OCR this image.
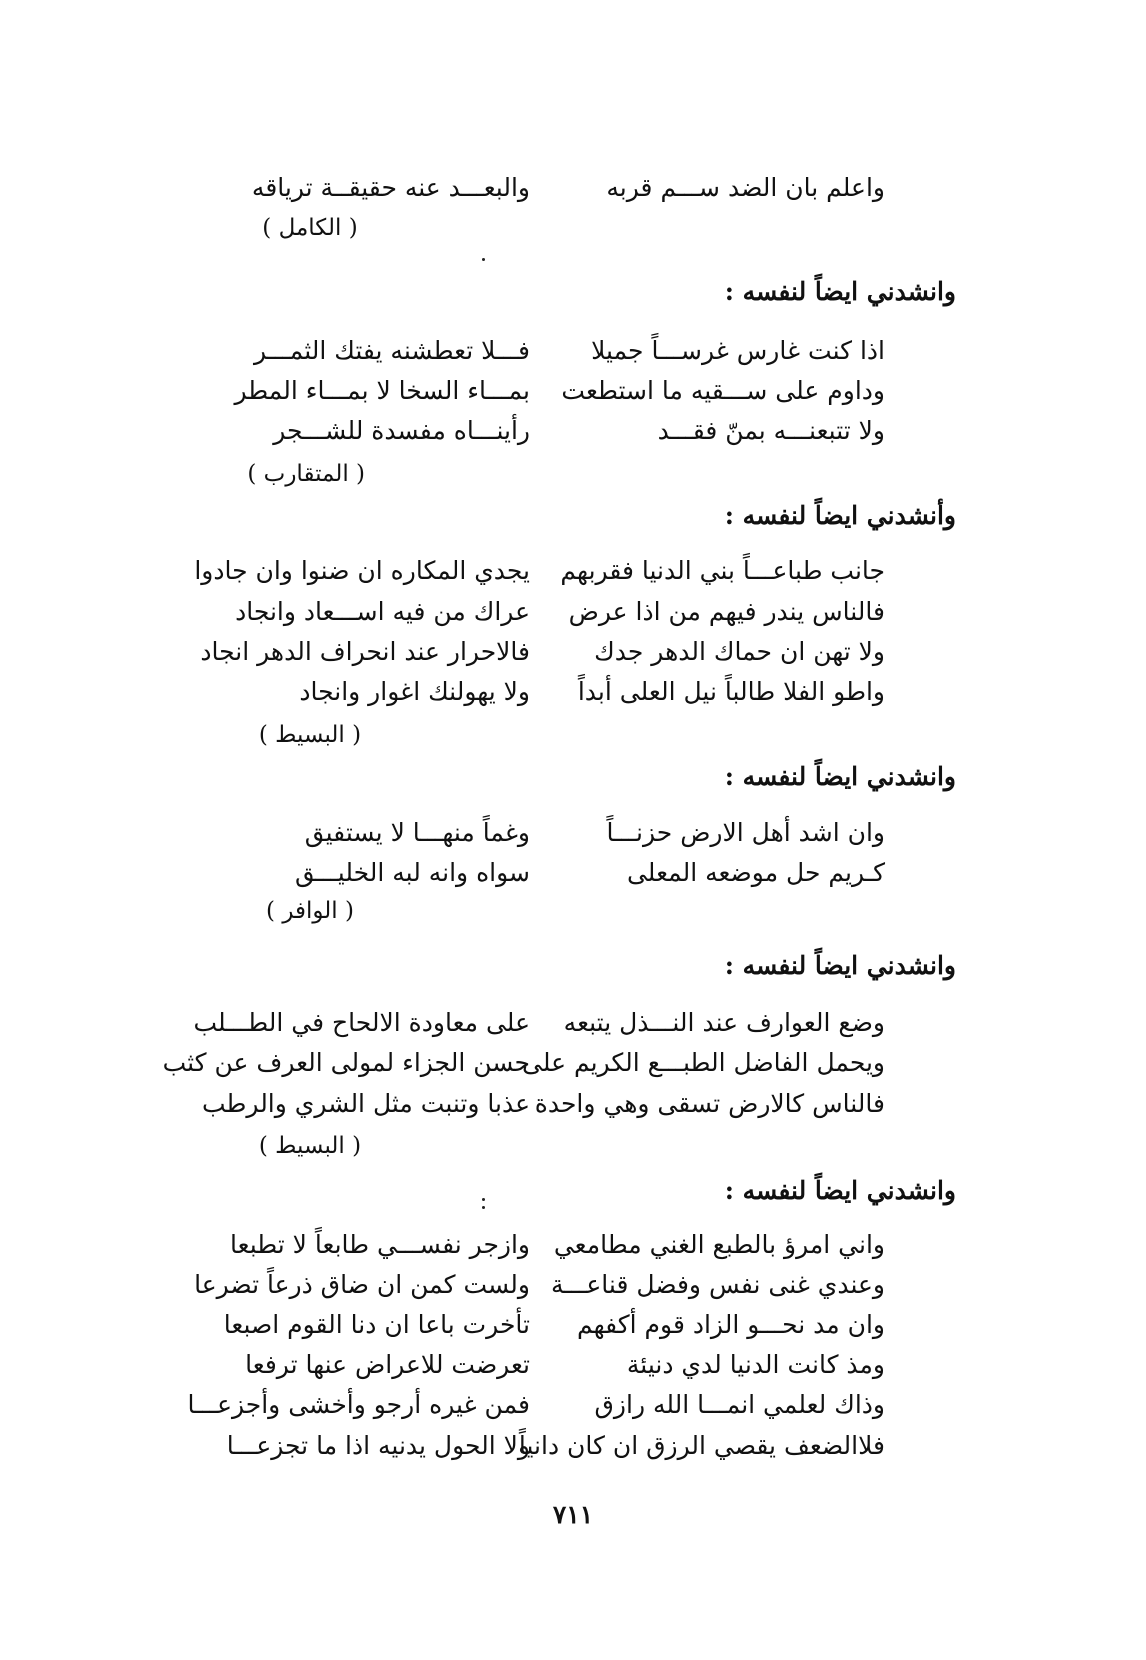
واعلم بان الضد ســـم قربه
والبعـــد عنه حقيقــة ترياقه
( الكامل )
وانشدني ايضاً لنفسه :
اذا كنت غارس غرســـاً جميلا
فـــلا تعطشنه يفتك الثمـــر
وداوم على ســـقيه ما استطعت
بمـــاء السخا لا بمـــاء المطر
ولا تتبعنـــه بمنّ فقـــد
رأينـــاه مفسدة للشـــجر
( المتقارب )
وأنشدني ايضاً لنفسه :
جانب طباعـــاً بني الدنيا فقربهم
يجدي المكاره ان ضنوا وان جادوا
فالناس يندر فيهم من اذا عرض
عراك من فيه اســـعاد وانجاد
ولا تهن ان حماك الدهر جدك
فالاحرار عند انحراف الدهر انجاد
واطو الفلا طالباً نيل العلى أبداً
ولا يهولنك اغوار وانجاد
( البسيط )
وانشدني ايضاً لنفسه :
وان اشد أهل الارض حزنـــاً
وغماً منهـــا لا يستفيق
كـريم حل موضعه المعلى
سواه وانه لبه الخليـــق
( الوافر )
وانشدني ايضاً لنفسه :
وضع العوارف عند النـــذل يتبعه
على معاودة الالحاح في الطـــلب
ويحمل الفاضل الطبـــع الكريم على
حسن الجزاء لمولى العرف عن كثب
فالناس كالارض تسقى وهي واحدة
عذبا وتنبت مثل الشري والرطب
( البسيط )
وانشدني ايضاً لنفسه :
واني امرؤ بالطبع الغني مطامعي
وازجر نفســـي طابعاً لا تطبعا
وعندي غنى نفس وفضل قناعـــة
ولست كمن ان ضاق ذرعاً تضرعا
وان مد نحـــو الزاد قوم أكفهم
تأخرت باعا ان دنا القوم اصبعا
ومذ كانت الدنيا لدي دنيئة
تعرضت للاعراض عنها ترفعا
وذاك لعلمي انمـــا الله رازق
فمن غيره أرجو وأخشى وأجزعـــا
فلاالضعف يقصي الرزق ان كان دانياً
ولا الحول يدنيه اذا ما تجزعـــا
٧١١
